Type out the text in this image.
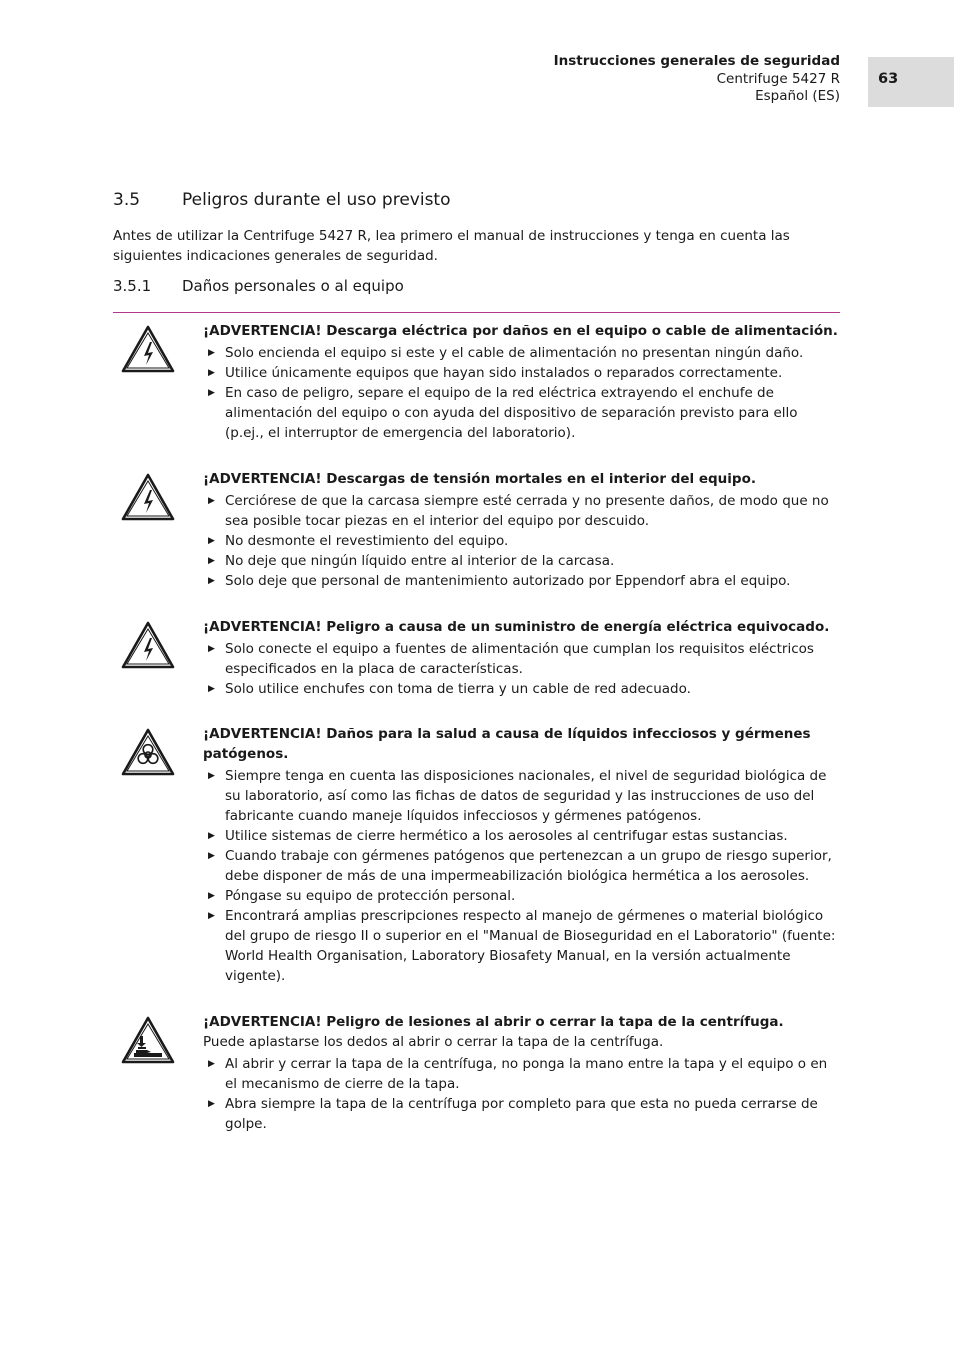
Instrucciones generales de seguridad
Centrifuge 5427 R
Español (ES)
63
3.5 Peligros durante el uso previsto
Antes de utilizar la Centrifuge 5427 R, lea primero el manual de instrucciones y tenga en cuenta las siguientes indicaciones generales de seguridad.
3.5.1 Daños personales o al equipo
¡ADVERTENCIA! Descarga eléctrica por daños en el equipo o cable de alimentación.
▶ Solo encienda el equipo si este y el cable de alimentación no presentan ningún daño.
▶ Utilice únicamente equipos que hayan sido instalados o reparados correctamente.
▶ En caso de peligro, separe el equipo de la red eléctrica extrayendo el enchufe de alimentación del equipo o con ayuda del dispositivo de separación previsto para ello (p.ej., el interruptor de emergencia del laboratorio).
¡ADVERTENCIA! Descargas de tensión mortales en el interior del equipo.
▶ Cerciórese de que la carcasa siempre esté cerrada y no presente daños, de modo que no sea posible tocar piezas en el interior del equipo por descuido.
▶ No desmonte el revestimiento del equipo.
▶ No deje que ningún líquido entre al interior de la carcasa.
▶ Solo deje que personal de mantenimiento autorizado por Eppendorf abra el equipo.
¡ADVERTENCIA! Peligro a causa de un suministro de energía eléctrica equivocado.
▶ Solo conecte el equipo a fuentes de alimentación que cumplan los requisitos eléctricos especificados en la placa de características.
▶ Solo utilice enchufes con toma de tierra y un cable de red adecuado.
¡ADVERTENCIA! Daños para la salud a causa de líquidos infecciosos y gérmenes patógenos.
▶ Siempre tenga en cuenta las disposiciones nacionales, el nivel de seguridad biológica de su laboratorio, así como las fichas de datos de seguridad y las instrucciones de uso del fabricante cuando maneje líquidos infecciosos y gérmenes patógenos.
▶ Utilice sistemas de cierre hermético a los aerosoles al centrifugar estas sustancias.
▶ Cuando trabaje con gérmenes patógenos que pertenezcan a un grupo de riesgo superior, debe disponer de más de una impermeabilización biológica hermética a los aerosoles.
▶ Póngase su equipo de protección personal.
▶ Encontrará amplias prescripciones respecto al manejo de gérmenes o material biológico del grupo de riesgo II o superior en el "Manual de Bioseguridad en el Laboratorio" (fuente: World Health Organisation, Laboratory Biosafety Manual, en la versión actualmente vigente).
¡ADVERTENCIA! Peligro de lesiones al abrir o cerrar la tapa de la centrífuga.
Puede aplastarse los dedos al abrir o cerrar la tapa de la centrífuga.
▶ Al abrir y cerrar la tapa de la centrífuga, no ponga la mano entre la tapa y el equipo o en el mecanismo de cierre de la tapa.
▶ Abra siempre la tapa de la centrífuga por completo para que esta no pueda cerrarse de golpe.
